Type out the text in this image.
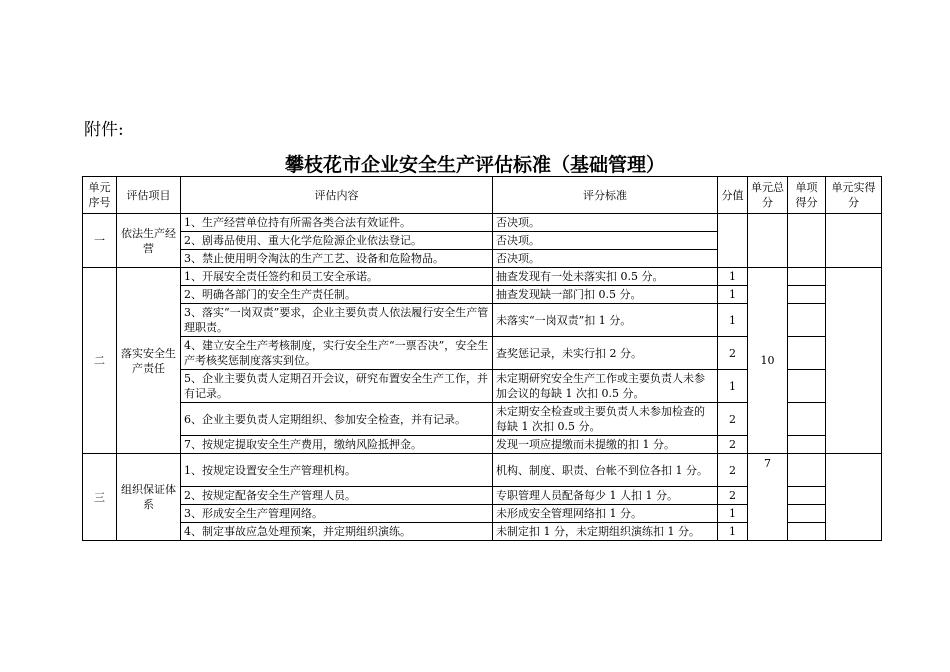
附件:
攀枝花市企业安全生产评估标准（基础管理）
单元序号	评估项目	评估内容	评分标准	分值	单元总分	单项得分	单元实得分
一	依法生产经营	1、生产经营单位持有所需各类合法有效证件。	否决项。				
		2、剧毒品使用、重大化学危险源企业依法登记。	否决项。				
		3、禁止使用明令淘汰的生产工艺、设备和危险物品。	否决项。				
二	落实安全生产责任	1、开展安全责任签约和员工安全承诺。	抽查发现有一处未落实扣 0.5 分。	1	10		
		2、明确各部门的安全生产责任制。	抽查发现缺一部门扣 0.5 分。	1			
		3、落实“一岗双责”要求，企业主要负责人依法履行安全生产管理职责。	未落实“一岗双责”扣 1 分。	1			
		4、建立安全生产考核制度，实行安全生产“一票否决”，安全生产考核奖惩制度落实到位。	查奖惩记录，未实行扣 2 分。	2			
		5、企业主要负责人定期召开会议，研究布置安全生产工作，并有记录。	未定期研究安全生产工作或主要负责人未参加会议的每缺 1 次扣 0.5 分。	1			
		6、企业主要负责人定期组织、参加安全检查，并有记录。	未定期安全检查或主要负责人未参加检查的每缺 1 次扣 0.5 分。	2			
		7、按规定提取安全生产费用，缴纳风险抵押金。	发现一项应提缴而未提缴的扣 1 分。	2			
三	组织保证体系	1、按规定设置安全生产管理机构。	机构、制度、职责、台帐不到位各扣 1 分。	2	7		
		2、按规定配备安全生产管理人员。	专职管理人员配备每少 1 人扣 1 分。	2			
		3、形成安全生产管理网络。	未形成安全管理网络扣 1 分。	1			
		4、制定事故应急处理预案，并定期组织演练。	未制定扣 1 分，未定期组织演练扣 1 分。	1			
